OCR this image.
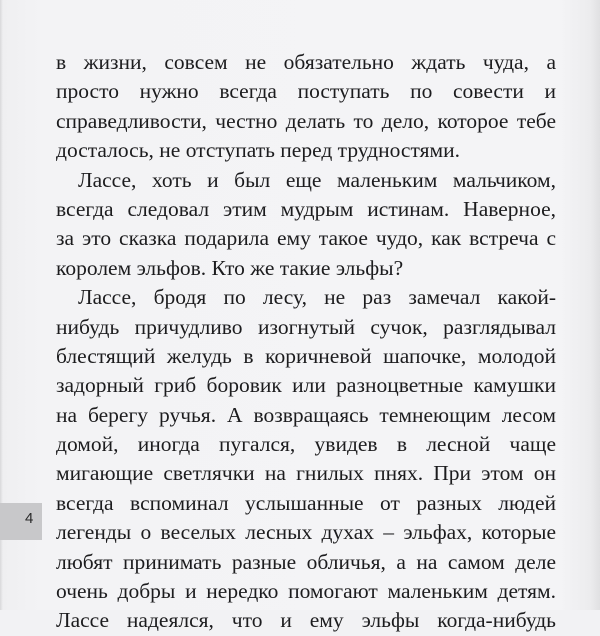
в жизни, совсем не обязательно ждать чуда, а
просто нужно всегда поступать по совести и
справедливости, честно делать то дело, которое тебе
досталось, не отступать перед трудностями.
Лассе, хоть и был еще маленьким мальчиком,
всегда следовал этим мудрым истинам. Наверное,
за это сказка подарила ему такое чудо, как встреча с
королем эльфов. Кто же такие эльфы?
Лассе, бродя по лесу, не раз замечал какой-
нибудь причудливо изогнутый сучок, разглядывал
блестящий желудь в коричневой шапочке, молодой
задорный гриб боровик или разноцветные камушки
на берегу ручья. А возвращаясь темнеющим лесом
домой, иногда пугался, увидев в лесной чаще
мигающие светлячки на гнилых пнях. При этом он
всегда вспоминал услышанные от разных людей
легенды о веселых лесных духах – эльфах, которые
любят принимать разные обличья, а на самом деле
очень добры и нередко помогают маленьким детям.
Лассе надеялся, что и ему эльфы когда-нибудь
4
